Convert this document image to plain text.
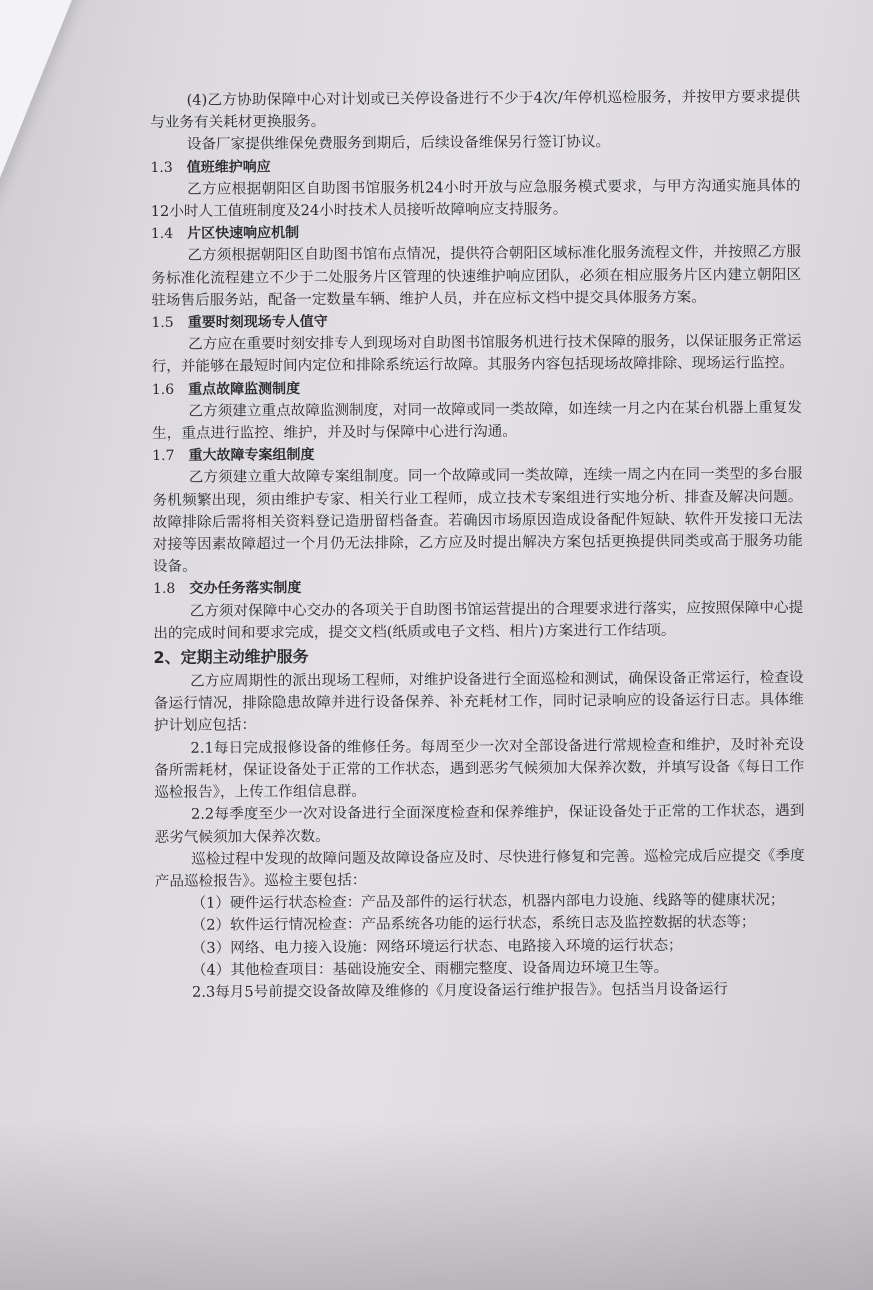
(4)乙方协助保障中心对计划或已关停设备进行不少于4次/年停机巡检服务，并按甲方要求提供与业务有关耗材更换服务。

设备厂家提供维保免费服务到期后，后续设备维保另行签订协议。

1.3 值班维护响应

乙方应根据朝阳区自助图书馆服务机24小时开放与应急服务模式要求，与甲方沟通实施具体的12小时人工值班制度及24小时技术人员接听故障响应支持服务。

1.4 片区快速响应机制

乙方须根据朝阳区自助图书馆布点情况，提供符合朝阳区域标准化服务流程文件，并按照乙方服务标准化流程建立不少于二处服务片区管理的快速维护响应团队，必须在相应服务片区内建立朝阳区驻场售后服务站，配备一定数量车辆、维护人员，并在应标文档中提交具体服务方案。

1.5 重要时刻现场专人值守

乙方应在重要时刻安排专人到现场对自助图书馆服务机进行技术保障的服务，以保证服务正常运行，并能够在最短时间内定位和排除系统运行故障。其服务内容包括现场故障排除、现场运行监控。

1.6 重点故障监测制度

乙方须建立重点故障监测制度，对同一故障或同一类故障，如连续一月之内在某台机器上重复发生，重点进行监控、维护，并及时与保障中心进行沟通。

1.7 重大故障专案组制度

乙方须建立重大故障专案组制度。同一个故障或同一类故障，连续一周之内在同一类型的多台服务机频繁出现，须由维护专家、相关行业工程师，成立技术专案组进行实地分析、排查及解决问题。故障排除后需将相关资料登记造册留档备查。若确因市场原因造成设备配件短缺、软件开发接口无法对接等因素故障超过一个月仍无法排除，乙方应及时提出解决方案包括更换提供同类或高于服务功能设备。

1.8 交办任务落实制度

乙方须对保障中心交办的各项关于自助图书馆运营提出的合理要求进行落实，应按照保障中心提出的完成时间和要求完成，提交文档(纸质或电子文档、相片)方案进行工作结项。

2、定期主动维护服务

乙方应周期性的派出现场工程师，对维护设备进行全面巡检和测试，确保设备正常运行，检查设备运行情况，排除隐患故障并进行设备保养、补充耗材工作，同时记录响应的设备运行日志。具体维护计划应包括：

2.1每日完成报修设备的维修任务。每周至少一次对全部设备进行常规检查和维护，及时补充设备所需耗材，保证设备处于正常的工作状态，遇到恶劣气候须加大保养次数，并填写设备《每日工作巡检报告》，上传工作组信息群。

2.2每季度至少一次对设备进行全面深度检查和保养维护，保证设备处于正常的工作状态，遇到恶劣气候须加大保养次数。

巡检过程中发现的故障问题及故障设备应及时、尽快进行修复和完善。巡检完成后应提交《季度产品巡检报告》。巡检主要包括：

（1）硬件运行状态检查：产品及部件的运行状态，机器内部电力设施、线路等的健康状况；

（2）软件运行情况检查：产品系统各功能的运行状态，系统日志及监控数据的状态等；

（3）网络、电力接入设施：网络环境运行状态、电路接入环境的运行状态；

（4）其他检查项目：基础设施安全、雨棚完整度、设备周边环境卫生等。

2.3每月5号前提交设备故障及维修的《月度设备运行维护报告》。包括当月设备运行
